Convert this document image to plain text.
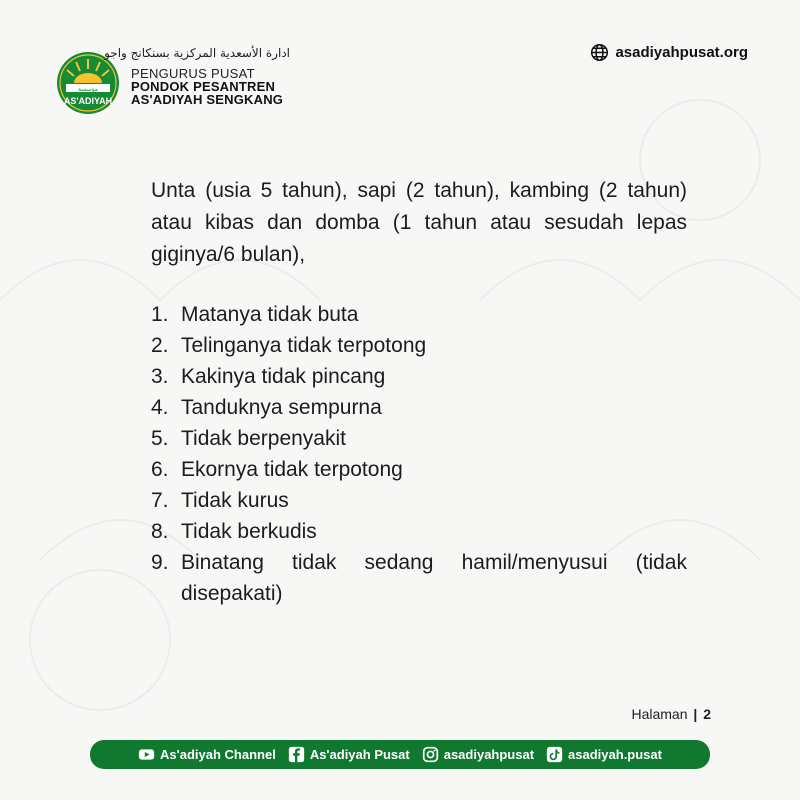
مؤسسة
AS'ADIYAH
ادارة الأسعدية المركزية بسنكانج واجو
PENGURUS PUSAT
PONDOK PESANTREN
AS'ADIYAH SENGKANG
asadiyahpusat.org

Unta (usia 5 tahun), sapi (2 tahun), kambing (2 tahun) atau kibas dan domba (1 tahun atau sesudah lepas giginya/6 bulan),

1. Matanya tidak buta
2. Telinganya tidak terpotong
3. Kakinya tidak pincang
4. Tanduknya sempurna
5. Tidak berpenyakit
6. Ekornya tidak terpotong
7. Tidak kurus
8. Tidak berkudis
9. Binatang tidak sedang hamil/menyusui (tidak disepakati)
Halaman | 2
As'adiyah Channel	As'adiyah Pusat	asadiyahpusat	asadiyah.pusat
